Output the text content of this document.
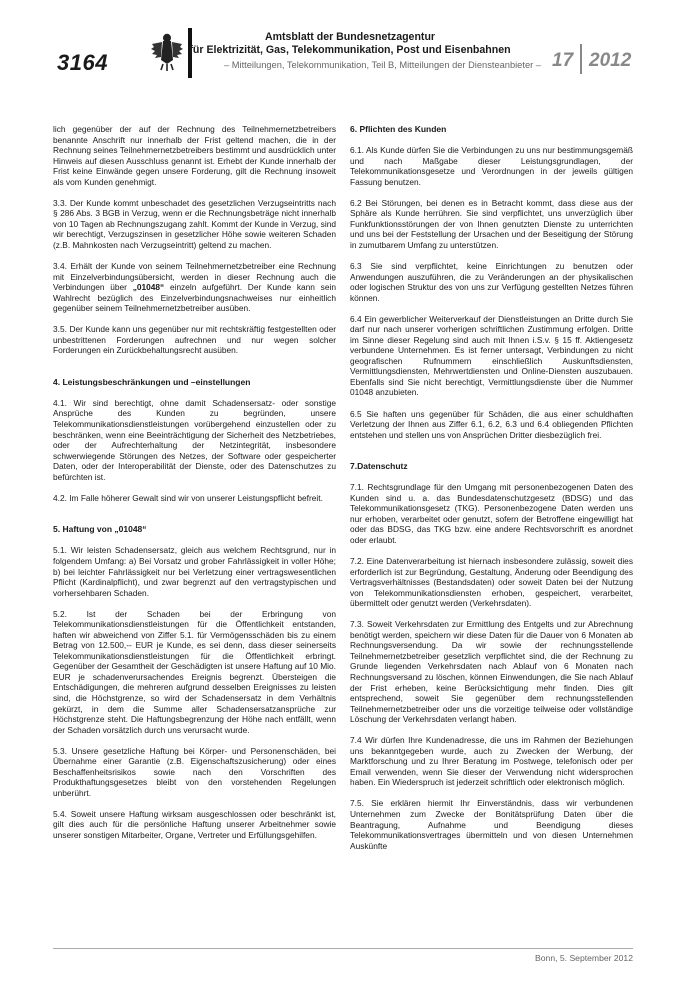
3164
Amtsblatt der Bundesnetzagentur
für Elektrizität, Gas, Telekommunikation, Post und Eisenbahnen
– Mitteilungen, Telekommunikation, Teil B, Mitteilungen der Diensteanbieter – 17 2012

lich gegenüber der auf der Rechnung des Teilnehmernetzbetreibers benannte Anschrift nur innerhalb der Frist geltend machen, die in der Rechnung seines Teilnehmernetzbetreibers bestimmt und ausdrücklich unter Hinweis auf diesen Ausschluss genannt ist. Erhebt der Kunde innerhalb der Frist keine Einwände gegen unsere Forderung, gilt die Rechnung insoweit als vom Kunden genehmigt.

3.3. Der Kunde kommt unbeschadet des gesetzlichen Verzugseintritts nach § 286 Abs. 3 BGB in Verzug, wenn er die Rechnungsbeträge nicht innerhalb von 10 Tagen ab Rechnungszugang zahlt. Kommt der Kunde in Verzug, sind wir berechtigt, Verzugszinsen in gesetzlicher Höhe sowie weiteren Schaden (z.B. Mahnkosten nach Verzugseintritt) geltend zu machen.

3.4. Erhält der Kunde von seinem Teilnehmernetzbetreiber eine Rechnung mit Einzelverbindungsübersicht, werden in dieser Rechnung auch die Verbindungen über „01048“ einzeln aufgeführt. Der Kunde kann sein Wahlrecht bezüglich des Einzelverbindungsnachweises nur einheitlich gegenüber seinem Teilnehmernetzbetreiber ausüben.

3.5. Der Kunde kann uns gegenüber nur mit rechtskräftig festgestellten oder unbestrittenen Forderungen aufrechnen und nur wegen solcher Forderungen ein Zurückbehaltungsrecht ausüben.

4. Leistungsbeschränkungen und –einstellungen

4.1. Wir sind berechtigt, ohne damit Schadensersatz- oder sonstige Ansprüche des Kunden zu begründen, unsere Telekommunikationsdienstleistungen vorübergehend einzustellen oder zu beschränken, wenn eine Beeinträchtigung der Sicherheit des Netzbetriebes, oder der Aufrechterhaltung der Netzintegrität, insbesondere schwerwiegende Störungen des Netzes, der Software oder gespeicherter Daten, oder der Interoperabilität der Dienste, oder des Datenschutzes zu befürchten ist.

4.2. Im Falle höherer Gewalt sind wir von unserer Leistungspflicht befreit.

5. Haftung von „01048“

5.1. Wir leisten Schadensersatz, gleich aus welchem Rechtsgrund, nur in folgendem Umfang: a) Bei Vorsatz und grober Fahrlässigkeit in voller Höhe; b) bei leichter Fahrlässigkeit nur bei Verletzung einer vertragswesentlichen Pflicht (Kardinalpflicht), und zwar begrenzt auf den vertragstypischen und vorhersehbaren Schaden.

5.2. Ist der Schaden bei der Erbringung von Telekommunikationsdienstleistungen für die Öffentlichkeit entstanden, haften wir abweichend von Ziffer 5.1. für Vermögensschäden bis zu einem Betrag von 12.500,-- EUR je Kunde, es sei denn, dass dieser seinerseits Telekommunikationsdienstleistungen für die Öffentlichkeit erbringt. Gegenüber der Gesamtheit der Geschädigten ist unsere Haftung auf 10 Mio. EUR je schadenverursachendes Ereignis begrenzt. Übersteigen die Entschädigungen, die mehreren aufgrund desselben Ereignisses zu leisten sind, die Höchstgrenze, so wird der Schadensersatz in dem Verhältnis gekürzt, in dem die Summe aller Schadensersatzansprüche zur Höchstgrenze steht. Die Haftungsbegrenzung der Höhe nach entfällt, wenn der Schaden vorsätzlich durch uns verursacht wurde.

5.3. Unsere gesetzliche Haftung bei Körper- und Personenschäden, bei Übernahme einer Garantie (z.B. Eigenschaftszusicherung) oder eines Beschaffenheitsrisikos sowie nach den Vorschriften des Produkthaftungsgesetzes bleibt von den vorstehenden Regelungen unberührt.

5.4. Soweit unsere Haftung wirksam ausgeschlossen oder beschränkt ist, gilt dies auch für die persönliche Haftung unserer Arbeitnehmer sowie unserer sonstigen Mitarbeiter, Organe, Vertreter und Erfüllungsgehilfen.

6. Pflichten des Kunden

6.1. Als Kunde dürfen Sie die Verbindungen zu uns nur bestimmungsgemäß und nach Maßgabe dieser Leistungsgrundlagen, der Telekommunikationsgesetze und Verordnungen in der jeweils gültigen Fassung benutzen.

6.2 Bei Störungen, bei denen es in Betracht kommt, dass diese aus der Sphäre als Kunde herrühren. Sie sind verpflichtet, uns unverzüglich über Funkfunktionsstörungen der von Ihnen genutzten Dienste zu unterrichten und uns bei der Feststellung der Ursachen und der Beseitigung der Störung in zumutbarem Umfang zu unterstützen.

6.3 Sie sind verpflichtet, keine Einrichtungen zu benutzen oder Anwendungen auszuführen, die zu Veränderungen an der physikalischen oder logischen Struktur des von uns zur Verfügung gestellten Netzes führen können.

6.4 Ein gewerblicher Weiterverkauf der Dienstleistungen an Dritte durch Sie darf nur nach unserer vorherigen schriftlichen Zustimmung erfolgen. Dritte im Sinne dieser Regelung sind auch mit Ihnen i.S.v. § 15 ff. Aktiengesetz verbundene Unternehmen. Es ist ferner untersagt, Verbindungen zu nicht geografischen Rufnummern einschließlich Auskunftsdiensten, Vermittlungsdiensten, Mehrwertdiensten und Online-Diensten auszubauen. Ebenfalls sind Sie nicht berechtigt, Vermittlungsdienste über die Nummer 01048 anzubieten.

6.5 Sie haften uns gegenüber für Schäden, die aus einer schuldhaften Verletzung der Ihnen aus Ziffer 6.1, 6.2, 6.3 und 6.4 obliegenden Pflichten entstehen und stellen uns von Ansprüchen Dritter diesbezüglich frei.

7.Datenschutz

7.1. Rechtsgrundlage für den Umgang mit personenbezogenen Daten des Kunden sind u. a. das Bundesdatenschutzgesetz (BDSG) und das Telekommunikationsgesetz (TKG). Personenbezogene Daten werden uns nur erhoben, verarbeitet oder genutzt, sofern der Betroffene eingewilligt hat oder das BDSG, das TKG bzw. eine andere Rechtsvorschrift es anordnet oder erlaubt.

7.2. Eine Datenverarbeitung ist hiernach insbesondere zulässig, soweit dies erforderlich ist zur Begründung, Gestaltung, Änderung oder Beendigung des Vertragsverhältnisses (Bestandsdaten) oder soweit Daten bei der Nutzung von Telekommunikationsdiensten erhoben, gespeichert, verarbeitet, übermittelt oder genutzt werden (Verkehrsdaten).

7.3. Soweit Verkehrsdaten zur Ermittlung des Entgelts und zur Abrechnung benötigt werden, speichern wir diese Daten für die Dauer von 6 Monaten ab Rechnungsversendung. Da wir sowie der rechnungsstellende Teilnehmernetzbetreiber gesetzlich verpflichtet sind, die der Rechnung zu Grunde liegenden Verkehrsdaten nach Ablauf von 6 Monaten nach Rechnungsversand zu löschen, können Einwendungen, die Sie nach Ablauf der Frist erheben, keine Berücksichtigung mehr finden. Dies gilt entsprechend, soweit Sie gegenüber dem rechnungsstellenden Teilnehmernetzbetreiber oder uns die vorzeitige teilweise oder vollständige Löschung der Verkehrsdaten verlangt haben.

7.4 Wir dürfen Ihre Kundenadresse, die uns im Rahmen der Beziehungen uns bekanntgegeben wurde, auch zu Zwecken der Werbung, der Marktforschung und zu Ihrer Beratung im Postwege, telefonisch oder per Email verwenden, wenn Sie dieser der Verwendung nicht widersprochen haben. Ein Wiederspruch ist jederzeit schriftlich oder elektronisch möglich.

7.5. Sie erklären hiermit Ihr Einverständnis, dass wir verbundenen Unternehmen zum Zwecke der Bonitätsprüfung Daten über die Beantragung, Aufnahme und Beendigung dieses Telekommunikationsvertrages übermitteln und von diesen Unternehmen Auskünfte

Bonn, 5. September 2012
